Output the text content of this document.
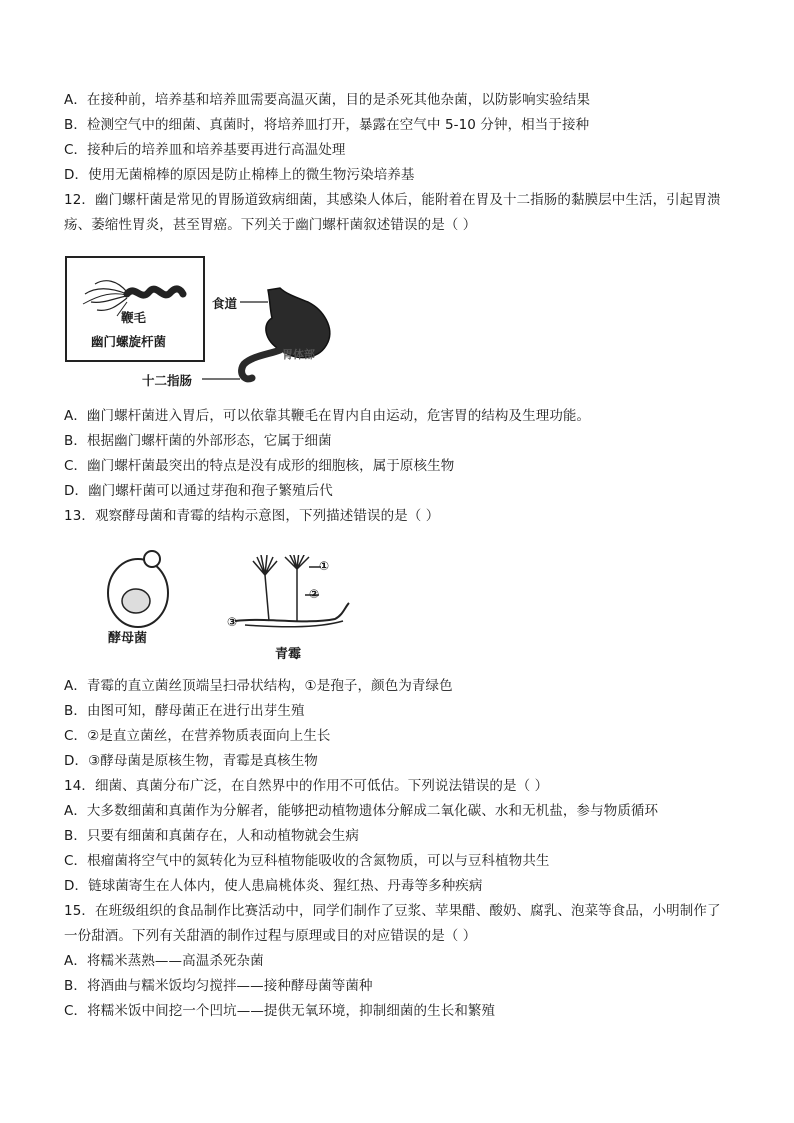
A．在接种前，培养基和培养皿需要高温灭菌，目的是杀死其他杂菌，以防影响实验结果
B．检测空气中的细菌、真菌时，将培养皿打开，暴露在空气中 5-10 分钟，相当于接种
C．接种后的培养皿和培养基要再进行高温处理
D．使用无菌棉棒的原因是防止棉棒上的微生物污染培养基
12．幽门螺杆菌是常见的胃肠道致病细菌，其感染人体后，能附着在胃及十二指肠的黏膜层中生活，引起胃溃
疡、萎缩性胃炎，甚至胃癌。下列关于幽门螺杆菌叙述错误的是（ ）
鞭毛
幽门螺旋杆菌
食道
胃体部
十二指肠
A．幽门螺杆菌进入胃后，可以依靠其鞭毛在胃内自由运动，危害胃的结构及生理功能。
B．根据幽门螺杆菌的外部形态，它属于细菌
C．幽门螺杆菌最突出的特点是没有成形的细胞核，属于原核生物
D．幽门螺杆菌可以通过芽孢和孢子繁殖后代
13．观察酵母菌和青霉的结构示意图，下列描述错误的是（ ）
酵母菌
①
②
③
青霉
A．青霉的直立菌丝顶端呈扫帚状结构，①是孢子，颜色为青绿色
B．由图可知，酵母菌正在进行出芽生殖
C．②是直立菌丝，在营养物质表面向上生长
D．③酵母菌是原核生物，青霉是真核生物
14．细菌、真菌分布广泛，在自然界中的作用不可低估。下列说法错误的是（ ）
A．大多数细菌和真菌作为分解者，能够把动植物遗体分解成二氧化碳、水和无机盐，参与物质循环
B．只要有细菌和真菌存在，人和动植物就会生病
C．根瘤菌将空气中的氮转化为豆科植物能吸收的含氮物质，可以与豆科植物共生
D．链球菌寄生在人体内，使人患扁桃体炎、猩红热、丹毒等多种疾病
15．在班级组织的食品制作比赛活动中，同学们制作了豆浆、苹果醋、酸奶、腐乳、泡菜等食品，小明制作了
一份甜酒。下列有关甜酒的制作过程与原理或目的对应错误的是（ ）
A．将糯米蒸熟——高温杀死杂菌
B．将酒曲与糯米饭均匀搅拌——接种酵母菌等菌种
C．将糯米饭中间挖一个凹坑——提供无氧环境，抑制细菌的生长和繁殖
